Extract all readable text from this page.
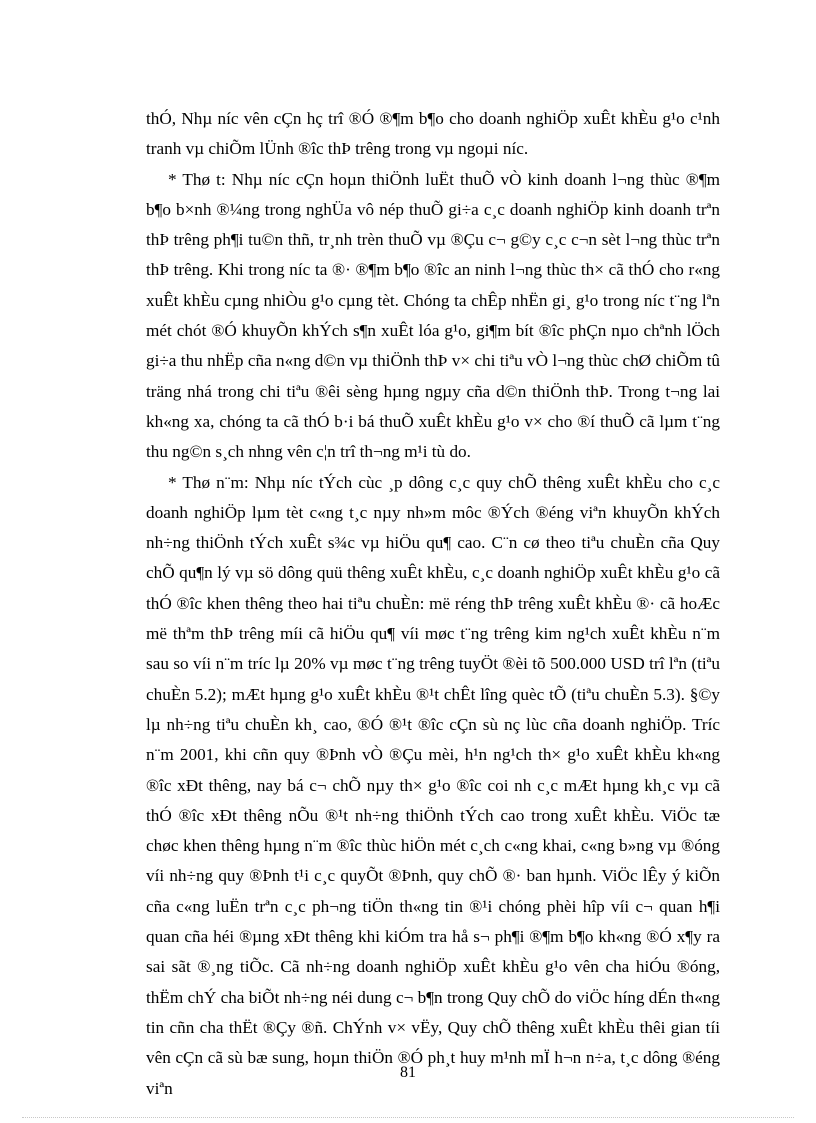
thÓ, Nhµ níc vên cÇn hç trî ®Ó ®¶m b¶o cho doanh nghiÖp xuÊt khÈu g¹o c¹nh tranh vµ chiÕm lÜnh ®îc thÞ trêng trong vµ ngoµi níc.

* Thø t: Nhµ níc cÇn hoµn thiÖnh luËt thuÕ vÒ kinh doanh l¬ng thùc ®¶m b¶o b×nh ®¼ng trong nghÜa vô nép thuÕ gi÷a c¸c doanh nghiÖp kinh doanh trªn thÞ trêng ph¶i tu©n thñ, tr¸nh trèn thuÕ vµ ®Çu c¬ g©y c¸c c¬n sèt l¬ng thùc trªn thÞ trêng. Khi trong níc ta ®· ®¶m b¶o ®îc an ninh l¬ng thùc th× cã thÓ cho r«ng xuÊt khÈu cµng nhiÒu g¹o cµng tèt. Chóng ta chÊp nhËn gi¸ g¹o trong níc t¨ng lªn mét chót ®Ó khuyÕn khÝch s¶n xuÊt lóa g¹o, gi¶m bít ®îc phÇn nµo chªnh lÖch gi÷a thu nhËp cña n«ng d©n vµ thiÖnh thÞ v× chi tiªu vÒ l¬ng thùc chØ chiÕm tû träng nhá trong chi tiªu ®êi sèng hµng ngµy cña d©n thiÖnh thÞ. Trong t¬ng lai kh«ng xa, chóng ta cã thÓ b·i bá thuÕ xuÊt khÈu g¹o v× cho ®í thuÕ cã lµm t¨ng thu ng©n s¸ch nhng vên c¦n trî th¬ng m¹i tù do.

* Thø n¨m: Nhµ níc tÝch cùc ¸p dông c¸c quy chÕ thêng xuÊt khÈu cho c¸c doanh nghiÖp lµm tèt c«ng t¸c nµy nh»m môc ®Ých ®éng viªn khuyÕn khÝch nh÷ng thiÖnh tÝch xuÊt s¾c vµ hiÖu qu¶ cao. C¨n cø theo tiªu chuÈn cña Quy chÕ qu¶n lý vµ sö dông quü thêng xuÊt khÈu, c¸c doanh nghiÖp xuÊt khÈu g¹o cã thÓ ®îc khen thêng theo hai tiªu chuÈn: më réng thÞ trêng xuÊt khÈu ®· cã hoÆc më thªm thÞ trêng míi cã hiÖu qu¶ víi møc t¨ng trêng kim ng¹ch xuÊt khÈu n¨m sau so víi n¨m tríc lµ 20% vµ møc t¨ng trêng tuyÖt ®èi tõ 500.000 USD trî lªn (tiªu chuÈn 5.2); mÆt hµng g¹o xuÊt khÈu ®¹t chÊt lîng quèc tÕ (tiªu chuÈn 5.3). §©y lµ nh÷ng tiªu chuÈn kh¸ cao, ®Ó ®¹t ®îc cÇn sù nç lùc cña doanh nghiÖp. Tríc n¨m 2001, khi cñn quy ®Þnh vÒ ®Çu mèi, h¹n ng¹ch th× g¹o xuÊt khÈu kh«ng ®îc xÐt thêng, nay bá c¬ chÕ nµy th× g¹o ®îc coi nh c¸c mÆt hµng kh¸c vµ cã thÓ ®îc xÐt thêng nÕu ®¹t nh÷ng thiÖnh tÝch cao trong xuÊt khÈu. ViÖc tæ chøc khen thêng hµng n¨m ®îc thùc hiÖn mét c¸ch c«ng khai, c«ng b»ng vµ ®óng víi nh÷ng quy ®Þnh t¹i c¸c quyÕt ®Þnh, quy chÕ ®· ban hµnh. ViÖc lÊy ý kiÕn cña c«ng luËn trªn c¸c ph¬ng tiÖn th«ng tin ®¹i chóng phèi hîp víi c¬ quan h¶i quan cña héi ®µng xÐt thêng khi kiÓm tra hå s¬ ph¶i ®¶m b¶o kh«ng ®Ó x¶y ra sai sãt ®¸ng tiÕc. Cã nh÷ng doanh nghiÖp xuÊt khÈu g¹o vên cha hiÓu ®óng, thËm chÝ cha biÕt nh÷ng néi dung c¬ b¶n trong Quy chÕ do viÖc híng dÉn th«ng tin cñn cha thËt ®Çy ®ñ. ChÝnh v× vËy, Quy chÕ thêng xuÊt khÈu thêi gian tíi vên cÇn cã sù bæ sung, hoµn thiÖn ®Ó ph¸t huy m¹nh mÏ h¬n n÷a, t¸c dông ®éng viªn

81
